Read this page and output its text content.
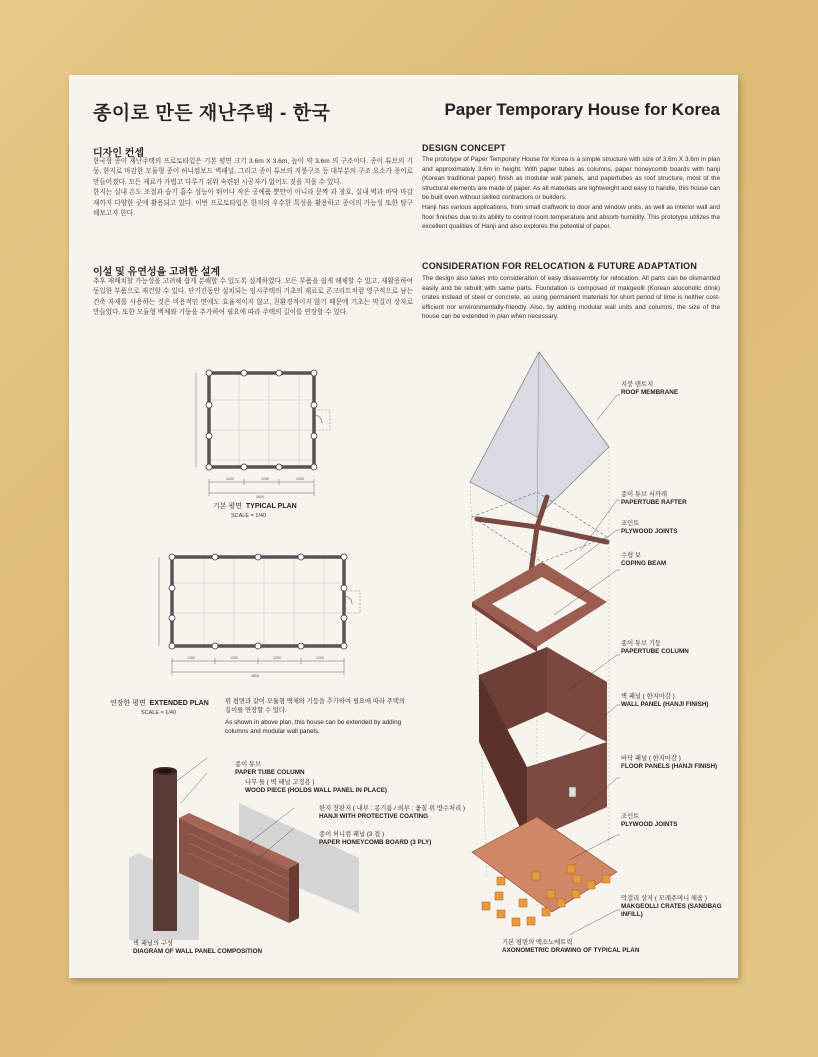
종이로 만든 재난주택 - 한국	Paper Temporary House for Korea
디자인 컨셉
한국형 종이 재난주택의 프로토타입은 기본 평면 크기 3.6m X 3.6m, 높이 약 3.6m 의 구조이다. 종이 튜브의 기둥, 한지로 마감한 모듈형 종이 허니컴보드 벽패널, 그리고 종이 튜브의 지붕구조 등 대부분의 구조 요소가 종이로 만들어졌다. 모든 재료가 가볍고 다루기 쉬워 숙련된 시공자가 없어도 짓을 지을 수 있다.
한지는 실내 온도 조절과 습기 흡수 성능이 뛰어나 작은 공예품 뿐만이 아니라 문짝 과 창호, 실내 벽과 바닥 마감재까지 다양한 곳에 활용되고 있다. 이번 프로토타입은 한지의 우수한 특성을 활용하고 종이의 가능성 또한 탐구해보고자 한다.
이설 및 유연성을 고려한 설계
추후 재배치할 가능성을 고려해 쉽게 분해할 수 있도록 설계하였다. 모든 부품을 쉽게 해체할 수 있고, 재활용하여 동일한 부품으로 재건할 수 있다. 단기간동안 설치되는 임시주택의 기초의 재료로 콘크리트처럼 영구적으로 남는 건축 자재를 사용하는 것은 비용적인 면에도 효율적이지 않고, 친환경적이지 않기 때문에 기초는 막걸리 상자로 만들었다. 또한 모듈형 벽체와 기둥을 추가하여 필요에 따라 주택의 길이를 연장할 수 있다.
DESIGN CONCEPT
The prototype of Paper Temporary House for Korea is a simple structure with size of 3.6m X 3.6m in plan and approximately 3.6m in height. With paper tubes as columns, paper honeycomb boards with hanji (Korean traditional paper) finish as modular wall panels, and papertubes as roof structure, most of the structural elements are made of paper. As all materials are lightweight and easy to handle, this house can be built even without skilled contractors or builders.
Hanji has various applications, from small craftwork to door and window units, as well as interior wall and floor finishes due to its ability to control room temperature and absorb humidity. This prototype utilizes the excellent qualities of Hanji and also explores the potential of paper.
CONSIDERATION FOR RELOCATION & FUTURE ADAPTATION
The design also takes into consideration of easy disassembly for relocation. All parts can be dismantled easily and be rebuilt with same parts. Foundation is composed of makgeolli (Korean alocoholic drink) crates instead of steel or concrete, as using permanent materials for short period of time is neither cost-efficient nor environmentally-friendly. Also, by adding modular wall units and columns, the size of the house can be extended in plan when necessary.
1200	1200	1200
3600
기본 평면 TYPICAL PLAN
SCALE = 1/40
1200	1200	1200	1200
4800
연장한 평면 EXTENDED PLAN
SCALE = 1/40
위 평면과 같이 모듈형 벽체와 기둥을 추가하여 필요에 따라 주택의 길이를 연장할 수 있다.
As shown in above plan, this house can be extended by adding columns and modular wall panels.
종이 튜브
PAPER TUBE COLUMN
나무 틀 ( 벽 패널 고정용 )
WOOD PIECE (HOLDS WALL PANEL IN PLACE)
한지 장판지 ( 내부 : 콩기름 / 외부 : 옻칠 위 방수처리 )
HANJI WITH PROTECTIVE COATING
종이 허니컴 패널 (3 겹 )
PAPER HONEYCOMB BOARD (3 PLY)
벽 패널의 구성
DIAGRAM OF WALL PANEL COMPOSITION
지붕 텐트지
ROOF MEMBRANE
종이 튜브 서까래
PAPERTUBE RAFTER
조인트
PLYWOOD JOINTS
수평 보
COPING BEAM
종이 튜브 기둥
PAPERTUBE COLUMN
벽 패널 ( 한지마감 )
WALL PANEL (HANJI FINISH)
바닥 패널 ( 한지마감 )
FLOOR PANELS (HANJI FINISH)
조인트
PLYWOOD JOINTS
막걸리 상자 ( 모래주머니 채움 )
MAKGEOLLI CRATES (SANDBAG INFILL)
기본 평면의 엑소노메트릭
AXONOMETRIC DRAWING OF TYPICAL PLAN
